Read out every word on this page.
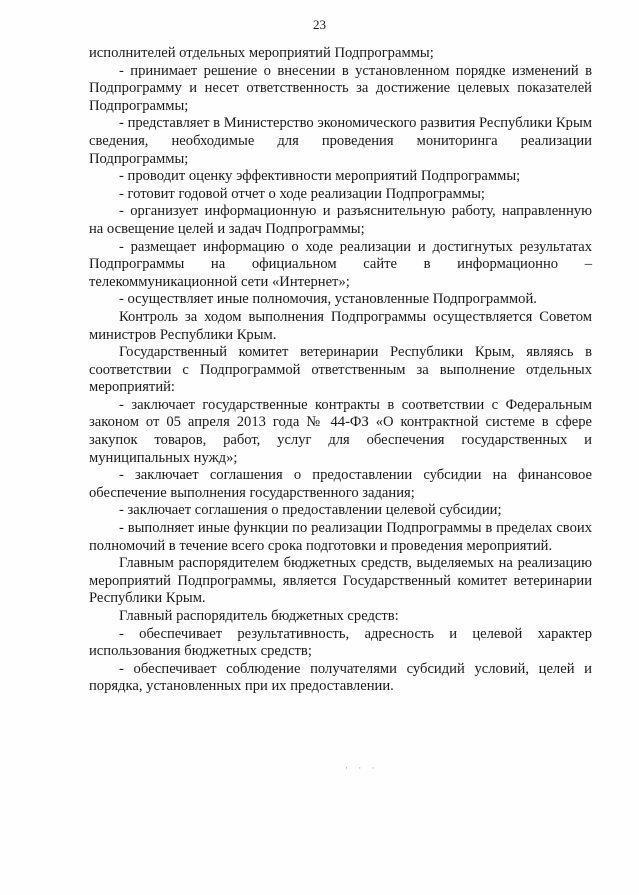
23

исполнителей отдельных мероприятий Подпрограммы;

- принимает решение о внесении в установленном порядке изменений в Подпрограмму и несет ответственность за достижение целевых показателей Подпрограммы;

- представляет в Министерство экономического развития Республики Крым сведения, необходимые для проведения мониторинга реализации Подпрограммы;

- проводит оценку эффективности мероприятий Подпрограммы;

- готовит годовой отчет о ходе реализации Подпрограммы;

- организует информационную и разъяснительную работу, направленную на освещение целей и задач Подпрограммы;

- размещает информацию о ходе реализации и достигнутых результатах Подпрограммы на официальном сайте в информационно – телекоммуникационной сети «Интернет»;

- осуществляет иные полномочия, установленные Подпрограммой.

Контроль за ходом выполнения Подпрограммы осуществляется Советом министров Республики Крым.

Государственный комитет ветеринарии Республики Крым, являясь в соответствии с Подпрограммой ответственным за выполнение отдельных мероприятий:

- заключает государственные контракты в соответствии с Федеральным законом от 05 апреля 2013 года № 44-ФЗ «О контрактной системе в сфере закупок товаров, работ, услуг для обеспечения государственных и муниципальных нужд»;

- заключает соглашения о предоставлении субсидии на финансовое обеспечение выполнения государственного задания;

- заключает соглашения о предоставлении целевой субсидии;

- выполняет иные функции по реализации Подпрограммы в пределах своих полномочий в течение всего срока подготовки и проведения мероприятий.

Главным распорядителем бюджетных средств, выделяемых на реализацию мероприятий Подпрограммы, является Государственный комитет ветеринарии Республики Крым.

Главный распорядитель бюджетных средств:

- обеспечивает результативность, адресность и целевой характер использования бюджетных средств;

- обеспечивает соблюдение получателями субсидий условий, целей и порядка, установленных при их предоставлении.

· · ·
